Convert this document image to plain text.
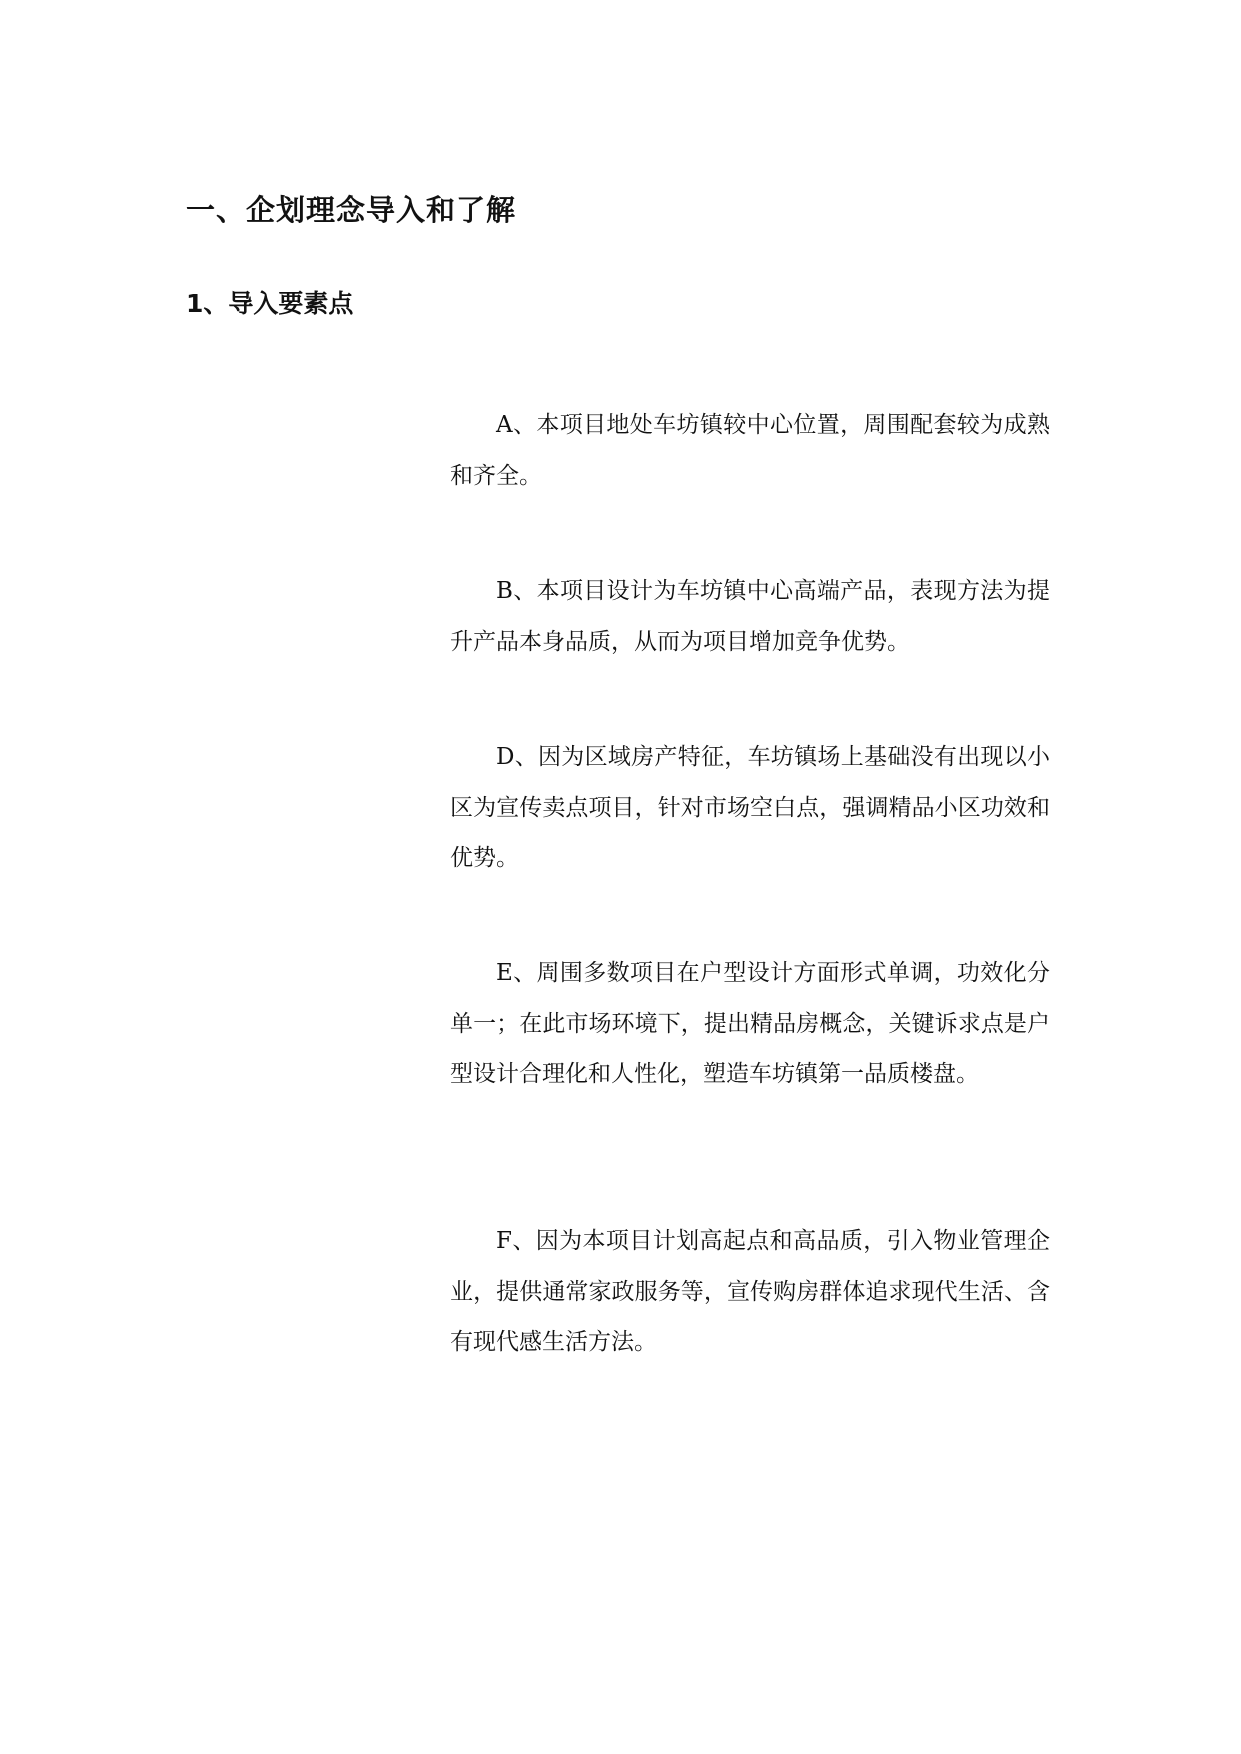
一、企划理念导入和了解
1、导入要素点

A、本项目地处车坊镇较中心位置，周围配套较为成熟和齐全。

B、本项目设计为车坊镇中心高端产品，表现方法为提升产品本身品质，从而为项目增加竞争优势。

D、因为区域房产特征，车坊镇场上基础没有出现以小区为宣传卖点项目，针对市场空白点，强调精品小区功效和优势。

E、周围多数项目在户型设计方面形式单调，功效化分单一；在此市场环境下，提出精品房概念，关键诉求点是户型设计合理化和人性化，塑造车坊镇第一品质楼盘。

F、因为本项目计划高起点和高品质，引入物业管理企业，提供通常家政服务等，宣传购房群体追求现代生活、含有现代感生活方法。
